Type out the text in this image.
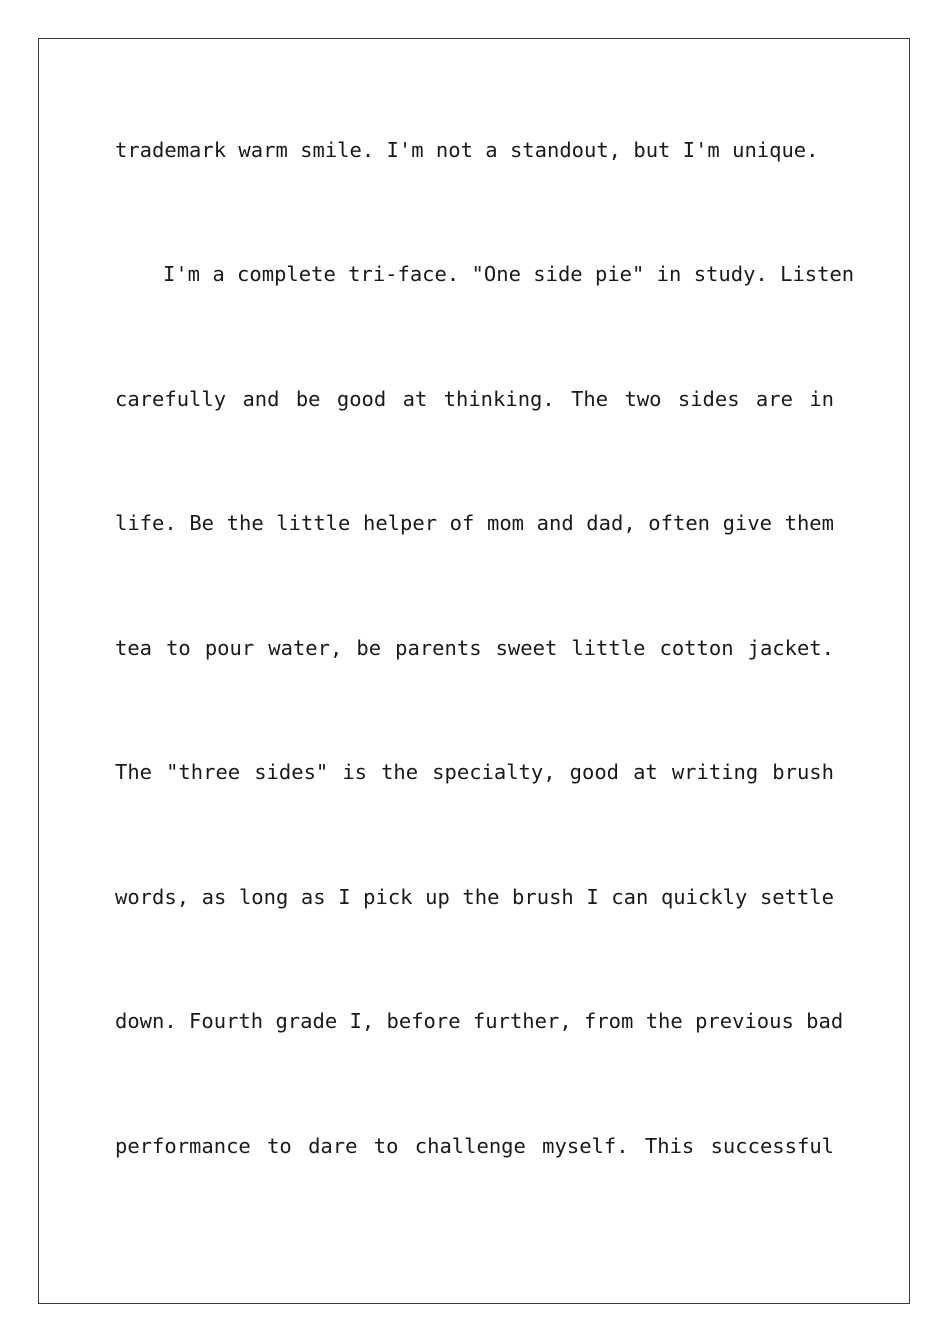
trademark warm smile. I'm not a standout, but I'm unique.
I'm a complete tri-face. "One side pie" in study. Listen
carefully and be good at thinking. The two sides are in
life. Be the little helper of mom and dad, often give them
tea to pour water, be parents sweet little cotton jacket.
The "three sides" is the specialty, good at writing brush
words, as long as I pick up the brush I can quickly settle
down. Fourth grade I, before further, from the previous bad
performance to dare to challenge myself. This successful
